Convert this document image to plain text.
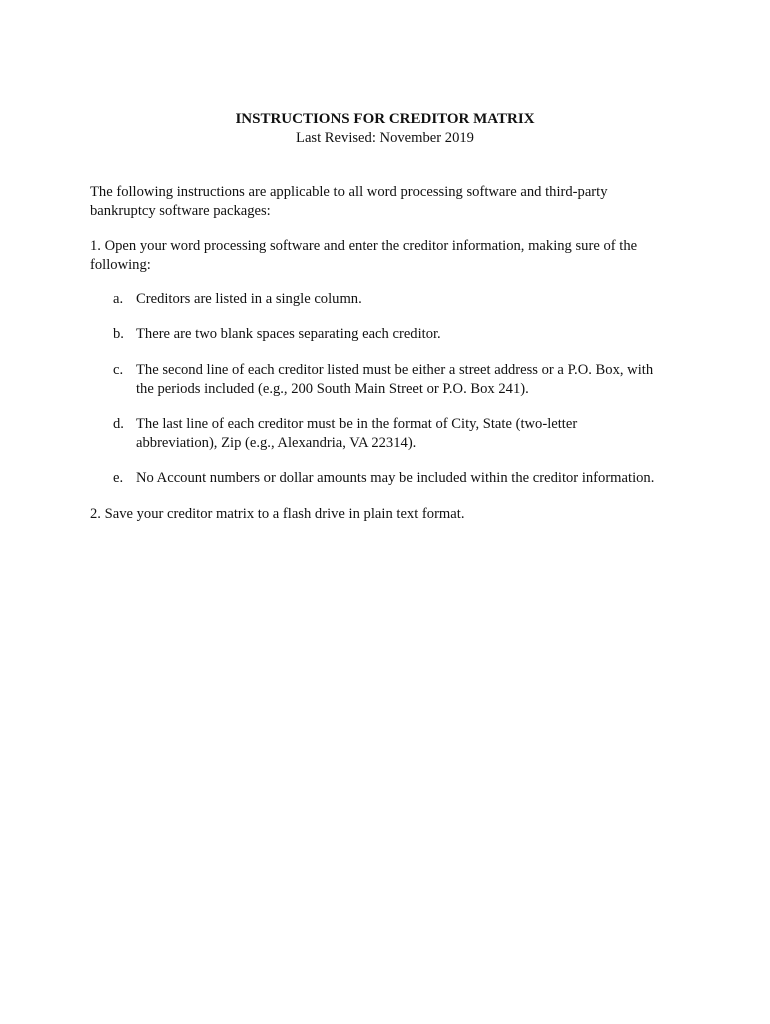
INSTRUCTIONS FOR CREDITOR MATRIX
Last Revised: November 2019

The following instructions are applicable to all word processing software and third-party bankruptcy software packages:

1. Open your word processing software and enter the creditor information, making sure of the following:

a. Creditors are listed in a single column.
b. There are two blank spaces separating each creditor.
c. The second line of each creditor listed must be either a street address or a P.O. Box, with the periods included (e.g., 200 South Main Street or P.O. Box 241).
d. The last line of each creditor must be in the format of City, State (two-letter abbreviation), Zip (e.g., Alexandria, VA 22314).
e. No Account numbers or dollar amounts may be included within the creditor information.

2. Save your creditor matrix to a flash drive in plain text format.
